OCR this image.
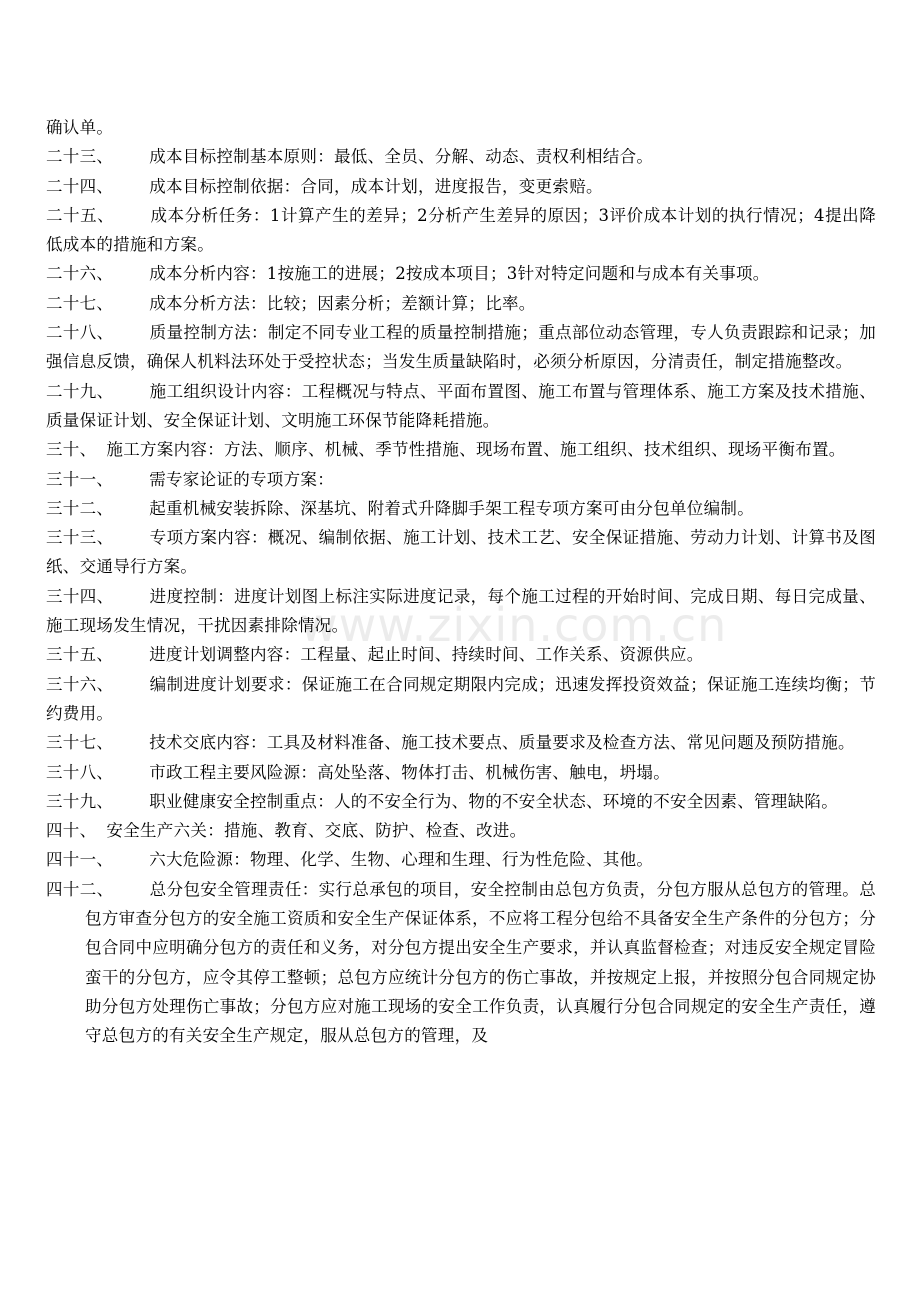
www.zixin.com.cn

确认单。

二十三、 成本目标控制基本原则：最低、全员、分解、动态、责权利相结合。

二十四、 成本目标控制依据：合同，成本计划，进度报告，变更索赔。

二十五、 成本分析任务：1计算产生的差异；2分析产生差异的原因；3评价成本计划的执行情况；4提出降低成本的措施和方案。

二十六、 成本分析内容：1按施工的进展；2按成本项目；3针对特定问题和与成本有关事项。

二十七、 成本分析方法：比较；因素分析；差额计算；比率。

二十八、 质量控制方法：制定不同专业工程的质量控制措施；重点部位动态管理，专人负责跟踪和记录；加强信息反馈，确保人机料法环处于受控状态；当发生质量缺陷时，必须分析原因，分清责任，制定措施整改。

二十九、 施工组织设计内容：工程概况与特点、平面布置图、施工布置与管理体系、施工方案及技术措施、质量保证计划、安全保证计划、文明施工环保节能降耗措施。

三十、 施工方案内容：方法、顺序、机械、季节性措施、现场布置、施工组织、技术组织、现场平衡布置。

三十一、 需专家论证的专项方案：

三十二、 起重机械安装拆除、深基坑、附着式升降脚手架工程专项方案可由分包单位编制。

三十三、 专项方案内容：概况、编制依据、施工计划、技术工艺、安全保证措施、劳动力计划、计算书及图纸、交通导行方案。

三十四、 进度控制：进度计划图上标注实际进度记录，每个施工过程的开始时间、完成日期、每日完成量、施工现场发生情况，干扰因素排除情况。

三十五、 进度计划调整内容：工程量、起止时间、持续时间、工作关系、资源供应。

三十六、 编制进度计划要求：保证施工在合同规定期限内完成；迅速发挥投资效益；保证施工连续均衡；节约费用。

三十七、 技术交底内容：工具及材料准备、施工技术要点、质量要求及检查方法、常见问题及预防措施。

三十八、 市政工程主要风险源：高处坠落、物体打击、机械伤害、触电，坍塌。

三十九、 职业健康安全控制重点：人的不安全行为、物的不安全状态、环境的不安全因素、管理缺陷。

四十、 安全生产六关：措施、教育、交底、防护、检查、改进。

四十一、 六大危险源：物理、化学、生物、心理和生理、行为性危险、其他。

四十二、 总分包安全管理责任：实行总承包的项目，安全控制由总包方负责，分包方服从总包方的管理。总包方审查分包方的安全施工资质和安全生产保证体系，不应将工程分包给不具备安全生产条件的分包方；分包合同中应明确分包方的责任和义务，对分包方提出安全生产要求，并认真监督检查；对违反安全规定冒险蛮干的分包方，应令其停工整顿；总包方应统计分包方的伤亡事故，并按规定上报，并按照分包合同规定协助分包方处理伤亡事故；分包方应对施工现场的安全工作负责，认真履行分包合同规定的安全生产责任，遵守总包方的有关安全生产规定，服从总包方的管理，及
